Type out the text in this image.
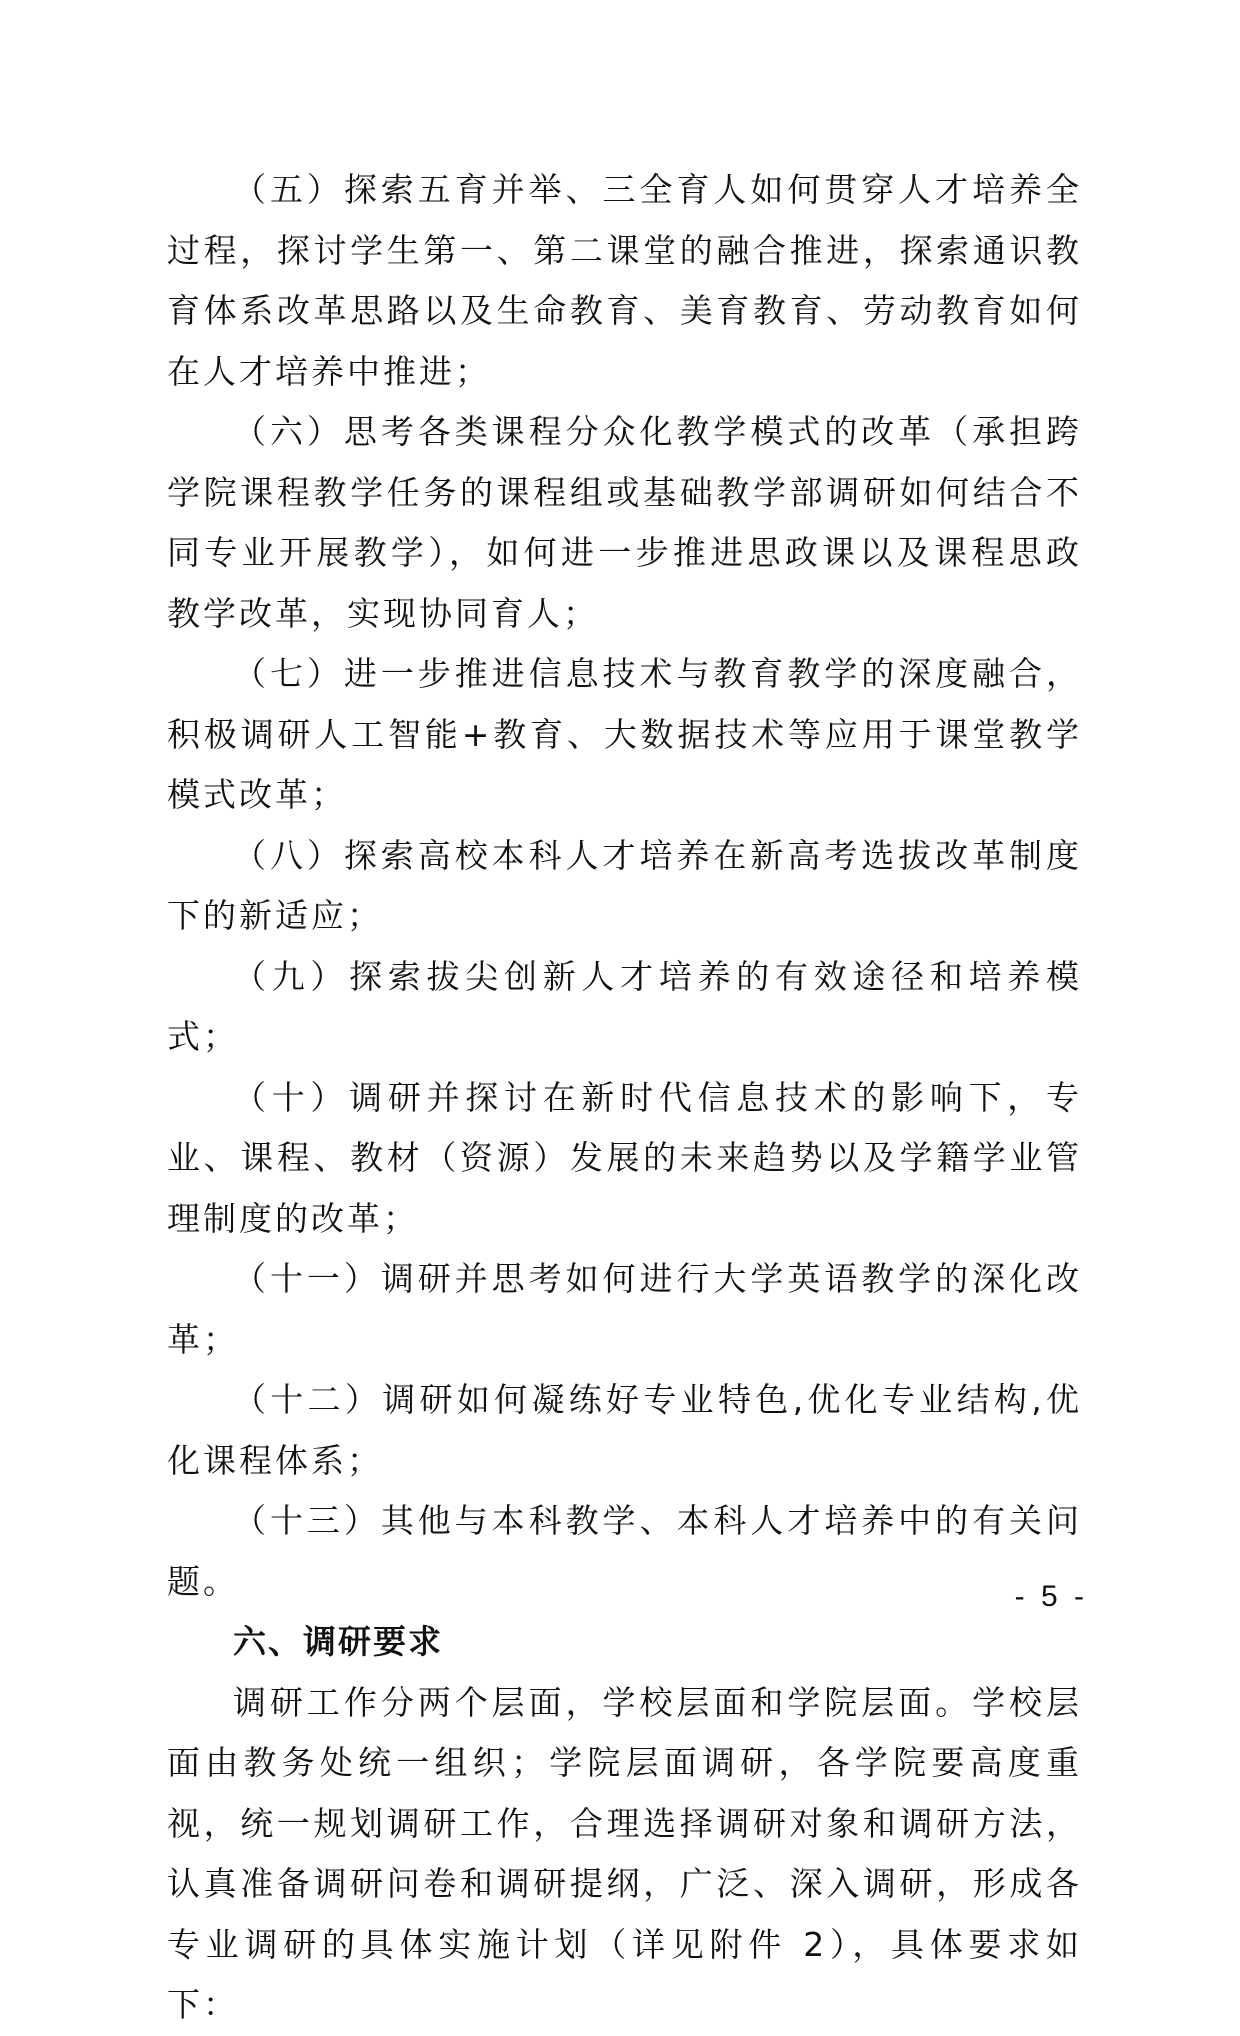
（五）探索五育并举、三全育人如何贯穿人才培养全过程，探讨学生第一、第二课堂的融合推进，探索通识教育体系改革思路以及生命教育、美育教育、劳动教育如何在人才培养中推进；

（六）思考各类课程分众化教学模式的改革（承担跨学院课程教学任务的课程组或基础教学部调研如何结合不同专业开展教学），如何进一步推进思政课以及课程思政教学改革，实现协同育人；

（七）进一步推进信息技术与教育教学的深度融合，积极调研人工智能+教育、大数据技术等应用于课堂教学模式改革；

（八）探索高校本科人才培养在新高考选拔改革制度下的新适应；

（九）探索拔尖创新人才培养的有效途径和培养模式；

（十）调研并探讨在新时代信息技术的影响下，专业、课程、教材（资源）发展的未来趋势以及学籍学业管理制度的改革；

（十一）调研并思考如何进行大学英语教学的深化改革；

（十二）调研如何凝练好专业特色,优化专业结构,优化课程体系；

（十三）其他与本科教学、本科人才培养中的有关问题。

六、调研要求

调研工作分两个层面，学校层面和学院层面。学校层面由教务处统一组织；学院层面调研，各学院要高度重视，统一规划调研工作，合理选择调研对象和调研方法，认真准备调研问卷和调研提纲，广泛、深入调研，形成各专业调研的具体实施计划（详见附件 2），具体要求如下：

- 5 -
